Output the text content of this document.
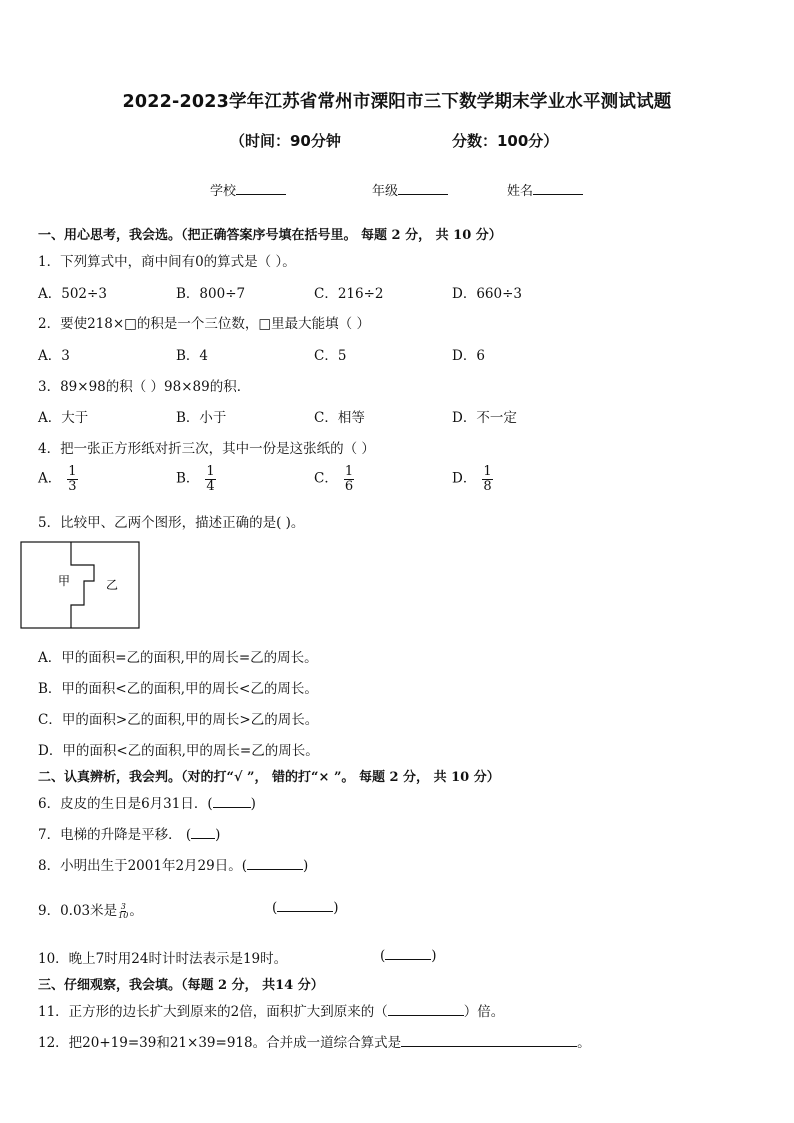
2022-2023学年江苏省常州市溧阳市三下数学期末学业水平测试试题
（时间：90分钟	分数：100分）
学校	年级	姓名
一、用心思考，我会选。（把正确答案序号填在括号里。 每题 2 分， 共 10 分）
1．下列算式中，商中间有0的算式是（ ）。
A．502÷3	B．800÷7	C．216÷2	D．660÷3
2．要使218×□的积是一个三位数，□里最大能填（ ）
A．3	B．4	C．5	D．6
3．89×98的积（ ）98×89的积．
A．大于	B．小于	C．相等	D．不一定
4．把一张正方形纸对折三次，其中一份是这张纸的（ ）
A． $\frac{1}{3}$	B． $\frac{1}{4}$	C． $\frac{1}{6}$	D． $\frac{1}{8}$
5．比较甲、乙两个图形，描述正确的是( )。
甲	乙
A．甲的面积=乙的面积,甲的周长=乙的周长。
B．甲的面积<乙的面积,甲的周长<乙的周长。
C．甲的面积>乙的面积,甲的周长>乙的周长。
D．甲的面积<乙的面积,甲的周长=乙的周长。
二、认真辨析，我会判。（对的打“√ ”， 错的打“× ”。 每题 2 分， 共 10 分）
6．皮皮的生日是6月31日．(	)
7．电梯的升降是平移． ( )
8．小明出生于2001年2月29日。(	)
9．0.03米是 $\frac{3}{10}$ 。	(	)
10．晚上7时用24时计时法表示是19时。	(	)
三、仔细观察，我会填。（每题 2 分， 共14 分）
11．正方形的边长扩大到原来的2倍，面积扩大到原来的（	）倍。
12．把20+19=39和21×39=918。合并成一道综合算式是	。
